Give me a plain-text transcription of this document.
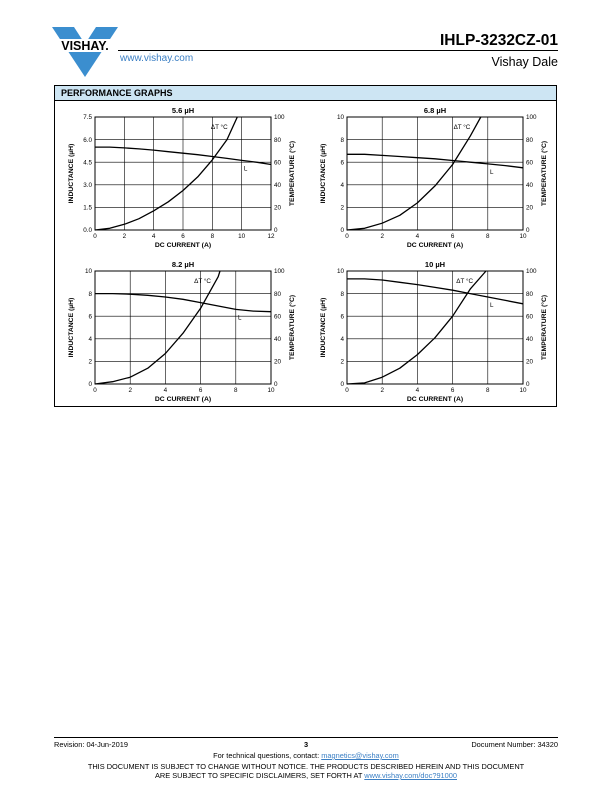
VISHAY.
www.vishay.com
IHLP-3232CZ-01
Vishay Dale
PERFORMANCE GRAPHS
5.6 µH
0	2	4	6	8	10	12
0.0
1.5
3.0
4.5
6.0
7.5
0
20
40
60
80
100
DC CURRENT (A)
INDUCTANCE (µH)	TEMPERATURE (°C)
L
ΔT °C
6.8 µH
0	2	4	6	8	10
0
2
4
6
8
10
0
20
40
60
80
100
DC CURRENT (A)
INDUCTANCE (µH)	TEMPERATURE (°C)
L
ΔT °C
8.2 µH
0	2	4	6	8	10
0
2
4
6
8
10
0
20
40
60
80
100
DC CURRENT (A)
INDUCTANCE (µH)	TEMPERATURE (°C)
L
ΔT °C
10 µH
0	2	4	6	8	10
0
2
4
6
8
10
0
20
40
60
80
100
DC CURRENT (A)
INDUCTANCE (µH)	TEMPERATURE (°C)
L
ΔT °C
Revision: 04-Jun-2019	3	Document Number: 34320
For technical questions, contact: magnetics@vishay.com
THIS DOCUMENT IS SUBJECT TO CHANGE WITHOUT NOTICE. THE PRODUCTS DESCRIBED HEREIN AND THIS DOCUMENT
ARE SUBJECT TO SPECIFIC DISCLAIMERS, SET FORTH AT www.vishay.com/doc?91000
